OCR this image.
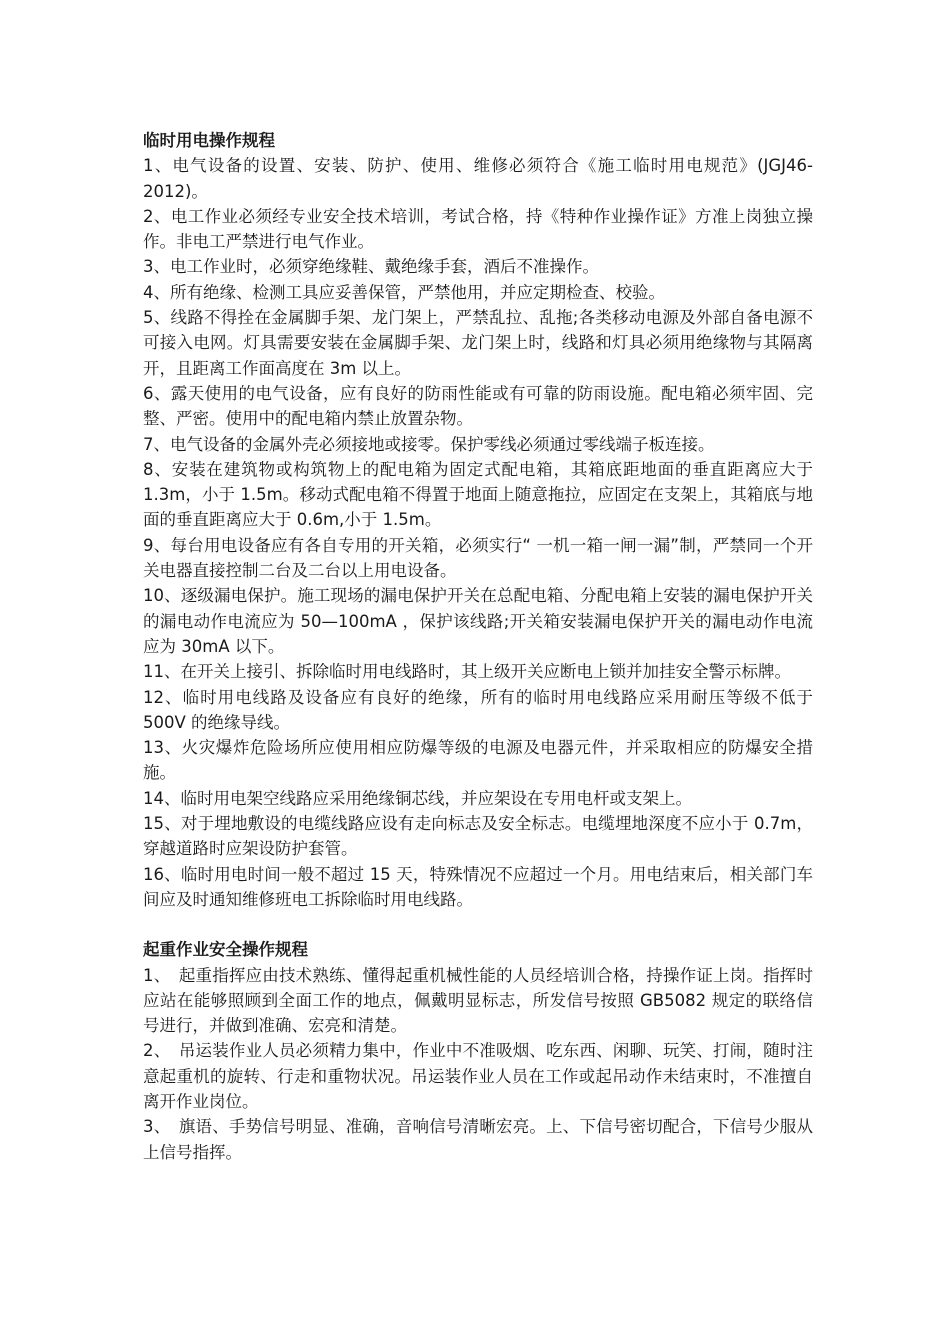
临时用电操作规程

1、电气设备的设置、安装、防护、使用、维修必须符合《施工临时用电规范》(JGJ46-2012)。

2、电工作业必须经专业安全技术培训，考试合格，持《特种作业操作证》方准上岗独立操作。非电工严禁进行电气作业。

3、电工作业时，必须穿绝缘鞋、戴绝缘手套，酒后不准操作。

4、所有绝缘、检测工具应妥善保管，严禁他用，并应定期检查、校验。

5、线路不得拴在金属脚手架、龙门架上，严禁乱拉、乱拖;各类移动电源及外部自备电源不可接入电网。灯具需要安装在金属脚手架、龙门架上时，线路和灯具必须用绝缘物与其隔离开，且距离工作面高度在 3m 以上。

6、露天使用的电气设备，应有良好的防雨性能或有可靠的防雨设施。配电箱必须牢固、完整、严密。使用中的配电箱内禁止放置杂物。

7、电气设备的金属外壳必须接地或接零。保护零线必须通过零线端子板连接。

8、安装在建筑物或构筑物上的配电箱为固定式配电箱，其箱底距地面的垂直距离应大于 1.3m，小于 1.5m。移动式配电箱不得置于地面上随意拖拉，应固定在支架上，其箱底与地面的垂直距离应大于 0.6m,小于 1.5m。

9、每台用电设备应有各自专用的开关箱，必须实行“ 一机一箱一闸一漏”制，严禁同一个开关电器直接控制二台及二台以上用电设备。

10、逐级漏电保护。施工现场的漏电保护开关在总配电箱、分配电箱上安装的漏电保护开关的漏电动作电流应为 50—100mA ，保护该线路;开关箱安装漏电保护开关的漏电动作电流应为 30mA 以下。

11、在开关上接引、拆除临时用电线路时，其上级开关应断电上锁并加挂安全警示标牌。

12、临时用电线路及设备应有良好的绝缘，所有的临时用电线路应采用耐压等级不低于 500V 的绝缘导线。

13、火灾爆炸危险场所应使用相应防爆等级的电源及电器元件，并采取相应的防爆安全措施。

14、临时用电架空线路应采用绝缘铜芯线，并应架设在专用电杆或支架上。

15、对于埋地敷设的电缆线路应设有走向标志及安全标志。电缆埋地深度不应小于 0.7m，穿越道路时应架设防护套管。

16、临时用电时间一般不超过 15 天，特殊情况不应超过一个月。用电结束后，相关部门车间应及时通知维修班电工拆除临时用电线路。

起重作业安全操作规程

1、　起重指挥应由技术熟练、懂得起重机械性能的人员经培训合格，持操作证上岗。指挥时应站在能够照顾到全面工作的地点，佩戴明显标志，所发信号按照 GB5082 规定的联络信号进行，并做到准确、宏亮和清楚。

2、　吊运装作业人员必须精力集中，作业中不准吸烟、吃东西、闲聊、玩笑、打闹，随时注意起重机的旋转、行走和重物状况。吊运装作业人员在工作或起吊动作未结束时，不准擅自离开作业岗位。

3、　旗语、手势信号明显、准确，音响信号清晰宏亮。上、下信号密切配合，下信号少服从上信号指挥。
